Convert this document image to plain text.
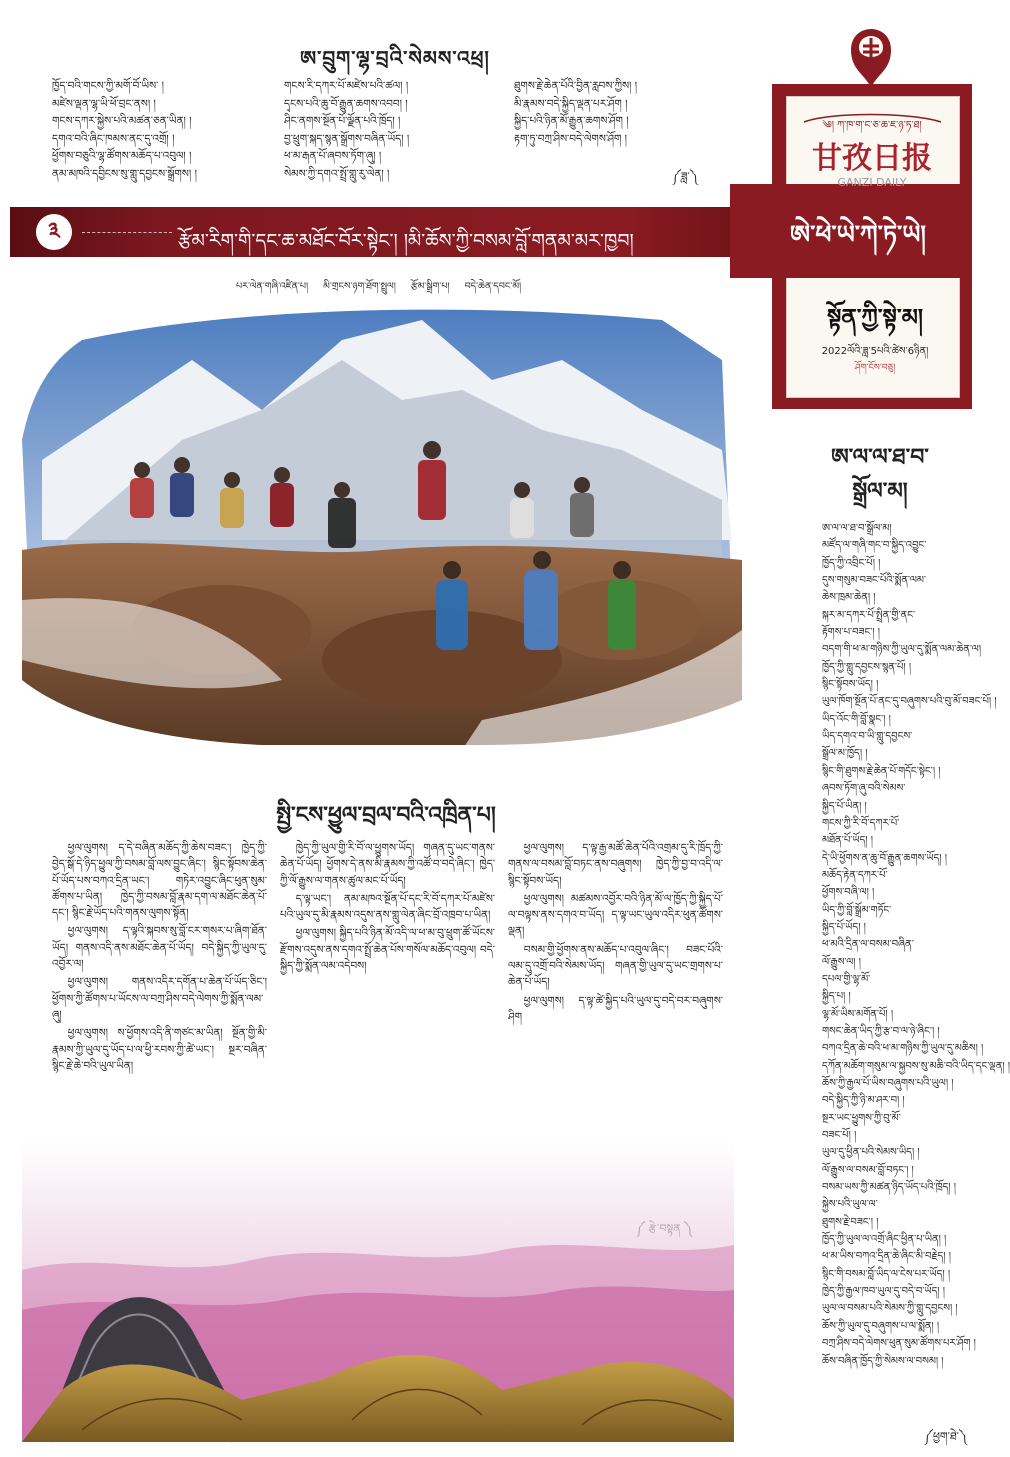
ཨ་བྲུག་ལྷ་བྲའི་སེམས་འཕྲ།
ཁྱོད་བའི་གངས་ཀྱི་མགོ་བོ་ཡིས་ །
མཛེས་ལྡན་ལྷ་ཡི་ཕོ་བྲང་ནས། །
གངས་དཀར་སྐྱེས་པའི་མཚན་ཅན་ཡིན། །
དགའ་བའི་ཞིང་ཁམས་ནང་དུ་འགྲོ། །
ཕྱོགས་བཅུའི་ལྷ་ཚོགས་མཆོད་པ་འབུལ། །
ནམ་མཁའི་དབྱིངས་སུ་གླུ་དབྱངས་སྒྲོགས། །
གངས་རི་དཀར་པོ་མཛེས་པའི་ཚལ། །
དྭངས་པའི་ཆུ་བོ་རྒྱུན་ཆགས་འབབ། །
ཤིང་ནགས་སྔོན་པོ་ལྗོན་པའི་ཁྲོད། །
བྱ་ཕྲུག་སྐད་སྙན་སྒྲོགས་བཞིན་ཡོད། །
ཕ་མ་རྒན་པོ་ཞབས་ཏོག་ཞུ། །
སེམས་ཀྱི་དགའ་སྤྲོ་གླུ་རུ་ལེན། །
ཐུགས་རྗེ་ཆེན་པོའི་བྱིན་རླབས་ཀྱིས། །
མི་རྣམས་བདེ་སྐྱིད་ལྡན་པར་ཤོག །
སྐྱིད་པའི་ཉིན་མོ་རྒྱུན་ཆགས་ཤོག །
རྟག་ཏུ་བཀྲ་ཤིས་བདེ་ལེགས་ཤོག །
༼ཟླ་༽
༣	རྩོམ་རིག་གི་དང་ཆ་མཐོང་བོར་སྟེང་། །མི་ཆོས་ཀྱི་བསམ་བློ་གནམ་མར་ཁྱབ།	ཨེ་ཕེ་ཡེ་ཀེ་ཏེ་ཡེ།
༄། ཀ་ཁ་ག་ང་ཅ་ཆ་ཇ་ཉ་ཏ་ཐ།
甘孜日报
GANZI DAILY
སྟོན་ཀྱི་སྟེ་མ།
2022ལོའི་ཟླ་5པའི་ཚེས་6ཉིན།
ཤོག་ངོས་བཅུ།
པར་ལེན་གཞི་འཛིན་པ། མི་གྲངས་ཉག་ཐོག་སྤྲུལ། རྩོམ་སྒྲིག་པ། བདེ་ཆེན་དབང་མོ།
སྤྱི་ངས་ཕྱུལ་བྲལ་བའི་འཁྲིན་པ།

ཕྱལ་ལུགས། ད་དེ་བཞིན་མཆོད་ཀྱི་ཆེས་བཟང་། ཁྱེད་ཀྱི་བྱེད་སྒོ་དེ་ཉིད་ཕྱུལ་ཀྱི་བསམ་བློ་ལས་བྱུང་ཞིང་། སྙིང་སྟོབས་ཆེན་པོ་ཡོད་པས་བཀའ་དྲིན་ཡང་། གཏེར་འབྱུང་ཞིང་ཕུན་སུམ་ཚོགས་པ་ཡིན། ཁྱེད་ཀྱི་བསམ་བློ་རྣམ་དག་ལ་མཐོང་ཆེན་པོ་དང་། སྙིང་རྗེ་ཡོད་པའི་གནས་ལུགས་སྟོན།

ཕྱལ་ལུགས། ད་ལྟའི་སྐབས་སུ་བློ་ངར་གསར་པ་ཞིག་ཐོན་ཡོད། གནས་འདི་ནས་མཐོང་ཆེན་པོ་ཡོད། བདེ་སྐྱིད་ཀྱི་ཡུལ་དུ་འབྱོར་ལ།

ཕྱལ་ལུགས། གནས་འདིར་དགོན་པ་ཆེན་པོ་ཡོད་ཅིང་། ཕྱོགས་ཀྱི་ཚོགས་པ་ཡོངས་ལ་བཀྲ་ཤིས་བདེ་ལེགས་ཀྱི་སྨོན་ལམ་ཞུ།

ཕྱལ་ལུགས། ས་ཕྱོགས་འདི་ནི་གཙང་མ་ཡིན། སྔོན་གྱི་མི་རྣམས་ཀྱི་ཡུལ་དུ་ཡོད་པ་ལ་ཕྱི་རབས་ཀྱི་ཚེ་ཡང་། སྔར་བཞིན་སྙིང་རྗེ་ཆེ་བའི་ཡུལ་ཡིན།

ཁྱེད་ཀྱི་ཡུལ་གྱི་རི་བོ་ལ་ཕྱུགས་ཡོད། གཞན་དུ་ཡང་གནས་ཆེན་པོ་ཡོད། ཕྱོགས་དེ་ནས་མི་རྣམས་ཀྱི་འཚོ་བ་བདེ་ཞིང་། ཁྱེད་ཀྱི་ལོ་རྒྱུས་ལ་གནས་ཚུལ་མང་པོ་ཡོད།

ད་ལྟ་ཡང་། ནམ་མཁའ་སྔོན་པོ་དང་རི་བོ་དཀར་པོ་མཛེས་པའི་ཡུལ་དུ་མི་རྣམས་འདུས་ནས་གླུ་ལེན་ཞིང་བྲོ་འཁྲབ་པ་ཡིན།

ཕྱལ་ལུགས། སྐྱིད་པའི་ཉིན་མོ་འདི་ལ་ཕ་མ་བུ་ཕྲུག་ཚོ་ཡོངས་རྫོགས་འདུས་ནས་དགའ་སྤྲོ་ཆེན་པོས་གསོལ་མཆོད་འབུལ། བདེ་སྐྱིད་ཀྱི་སྨོན་ལམ་འདེབས།

ཕྱལ་ལུགས། ད་ལྟ་རྒྱ་མཚོ་ཆེན་པོའི་འགྲམ་དུ་རི་ཁྲོད་ཀྱི་གནས་ལ་བསམ་བློ་བཏང་ནས་བཞུགས། ཁྱེད་ཀྱི་བྱ་བ་འདི་ལ་སྙིང་སྟོབས་ཡོད།

ཕྱལ་ལུགས། མཚམས་འབྱོར་བའི་ཉིན་མོ་ལ་ཁྱོད་ཀྱི་སྐྱིད་པོ་ལ་བལྟས་ནས་དགའ་བ་ཡོད། ད་ལྟ་ཡང་ཡུལ་འདིར་ཕུན་ཚོགས་ལྡན།

བསམ་གྱི་ཕྱོགས་ནས་མཆོད་པ་འབུལ་ཞིང་། བཟང་པོའི་ལམ་དུ་འགྲོ་བའི་སེམས་ཡོད། གཞན་གྱི་ཡུལ་དུ་ཡང་གྲགས་པ་ཆེན་པོ་ཡོད།

ཕྱལ་ལུགས། ད་ལྟ་ཚེ་སྐྱིད་པའི་ཡུལ་དུ་བདེ་བར་བཞུགས་ཤིག

ཨ་ལ་ལ་ཐ་བ་
སྒྲོལ་མ།
ཨ་ལ་ལ་ཐ་བ་སྒྲོལ་མ།
མཛོད་ལ་གཞི་གང་བ་སྐྱིད་འབྱུང་
ཁྱོད་ཀྱི་འབྲིང་པོ། །
དུས་གསུམ་བཟང་པོའི་སྨོན་ལམ་
ཆེས་ཁྲམ་ཆེན། །
སྐར་མ་དཀར་པོ་སྤྲིན་གྱི་ནང་
རྟོགས་པ་བཟང་། །
བདག་གི་ཕ་མ་གཉིས་ཀྱི་ཡུལ་དུ་སྨོན་ལམ་ཆེན་ལ།
ཁྱོད་ཀྱི་གླུ་དབྱངས་སྙན་པོ། །
སྙིང་སྟོབས་ཡོད། །
ཡུལ་ཁོག་སྔོན་པོ་ནང་དུ་བཞུགས་པའི་བུ་མོ་བཟང་པོ། །
ཡིད་འོང་གི་བློ་སྣང་། །
ཡིད་དགའ་བ་ཡི་གླུ་དབྱངས་
སྒྲོལ་མ་ཁྱོད། །
སྙིང་གི་ཐུགས་རྗེ་ཆེན་པོ་གདོང་སྟེང་། །
ཞབས་ཏོག་ཞུ་བའི་སེམས་
སྐྱིད་པོ་ཡིན། །
གངས་ཀྱི་རི་བོ་དཀར་པོ་
མཐོན་པོ་ཡོད། །
དེ་ཡི་ཕྱོགས་ན་ཆུ་བོ་རྒྱུན་ཆགས་ཡོད། །
མཆོད་རྟེན་དཀར་པོ་
ཕྱོགས་བཞི་ལ། །
ཡིད་ཀྱི་བློ་སྒྲོམ་གཏོང་
སྐྱིད་པོ་ཡོད། །
ཕ་མའི་དྲིན་ལ་བསམ་བཞིན་
ལོ་རྒྱུས་ལ། །
དཔལ་གྱི་ལྷ་མོ་
སྐྱིད་པ། །
ལྷ་མོ་ཡིས་མགོན་པོ། །
གསང་ཆེན་ཡིད་ཀྱི་རྩ་བ་ལ་ཉེ་ཞིང་། །
བཀའ་དྲིན་ཆེ་བའི་ཕ་མ་གཉིས་ཀྱི་ཡུལ་དུ་མཆིས། །
དཀོན་མཆོག་གསུམ་ལ་སྐྱབས་སུ་མཆི་བའི་ཡིད་དང་ལྡན། །
ཆོས་ཀྱི་རྒྱལ་པོ་ཡིས་བཞུགས་པའི་ཡུལ། །
བདེ་སྐྱིད་ཀྱི་ཉི་མ་ཤར་བ། །
སྔར་ཡང་ཕྱུགས་ཀྱི་བུ་མོ་
བཟང་པོ། །
ཡུལ་དུ་ཕྱིན་པའི་སེམས་ཡིད། །
ལོ་རྒྱུས་ལ་བསམ་བློ་བཏང་། །
བསམ་ཡས་ཀྱི་མཚན་ཉིད་ཡོད་པའི་ཁྲོད། །
སྐྱེས་པའི་ཡུལ་ལ་
ཐུགས་རྗེ་བཟང་། །
ཁྱོད་ཀྱི་ཡུལ་ལ་འགྲོ་ཞིང་ཕྱིན་པ་ཡིན། །
ཕ་མ་ཡིས་བཀའ་དྲིན་ཆེ་ཞིང་མི་བརྗེད། །
སྙིང་གི་བསམ་བློ་ཡིད་ལ་ངེས་པར་ཡོད། །
ཁྱེད་ཀྱི་རྒྱལ་ཁབ་ཡུལ་དུ་བདེ་བ་ཡོད། །
ཡུལ་ལ་བསམ་པའི་སེམས་ཀྱི་གླུ་དབྱངས། །
ཆོས་ཀྱི་ཡུལ་དུ་བཞུགས་པ་ལ་སྨོན། །
བཀྲ་ཤིས་བདེ་ལེགས་ཕུན་སུམ་ཚོགས་པར་ཤོག །
ཆོས་བཞིན་ཁྱོད་ཀྱི་སེམས་ལ་བསམ། །
༼ཕྱག་ཐེ་༽
